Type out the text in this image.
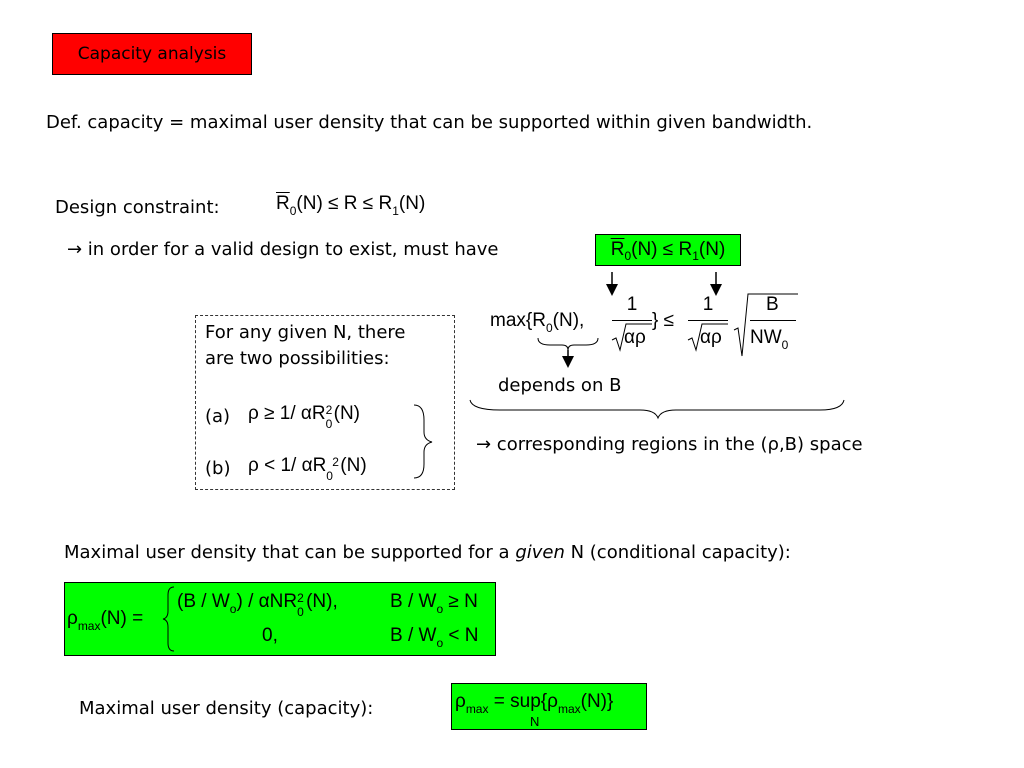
Capacity analysis
Def. capacity = maximal user density that can be supported within given bandwidth.
Design constraint:	$\overline{R}_0(N) \le R \le R_1(N)$
→ in order for a valid design to exist, must have	$\overline{R}$ 0 (N) ≤ R 1 (N)
$\max\{R_0(N)$,
1
αρ
} ≤
1
αρ
B
$NW_0$
depends on B
→ corresponding regions in the (ρ,B) space
For any given N, there
are two possibilities:
(a) ρ ≥ 1/ αR 2
0 (N)
(b) ρ < 1/ αR 2
0 (N)
Maximal user density that can be supported for a given N (conditional capacity):
$\rho_{max}(N)$ =
$(B / W_o)$ / αNR 2
0 (N),	$B / W_o \ge N$
0,	$B / W_o < N$
Maximal user density (capacity):	$\rho_{max} = sup\{\rho_{max}(N)\}$
N
